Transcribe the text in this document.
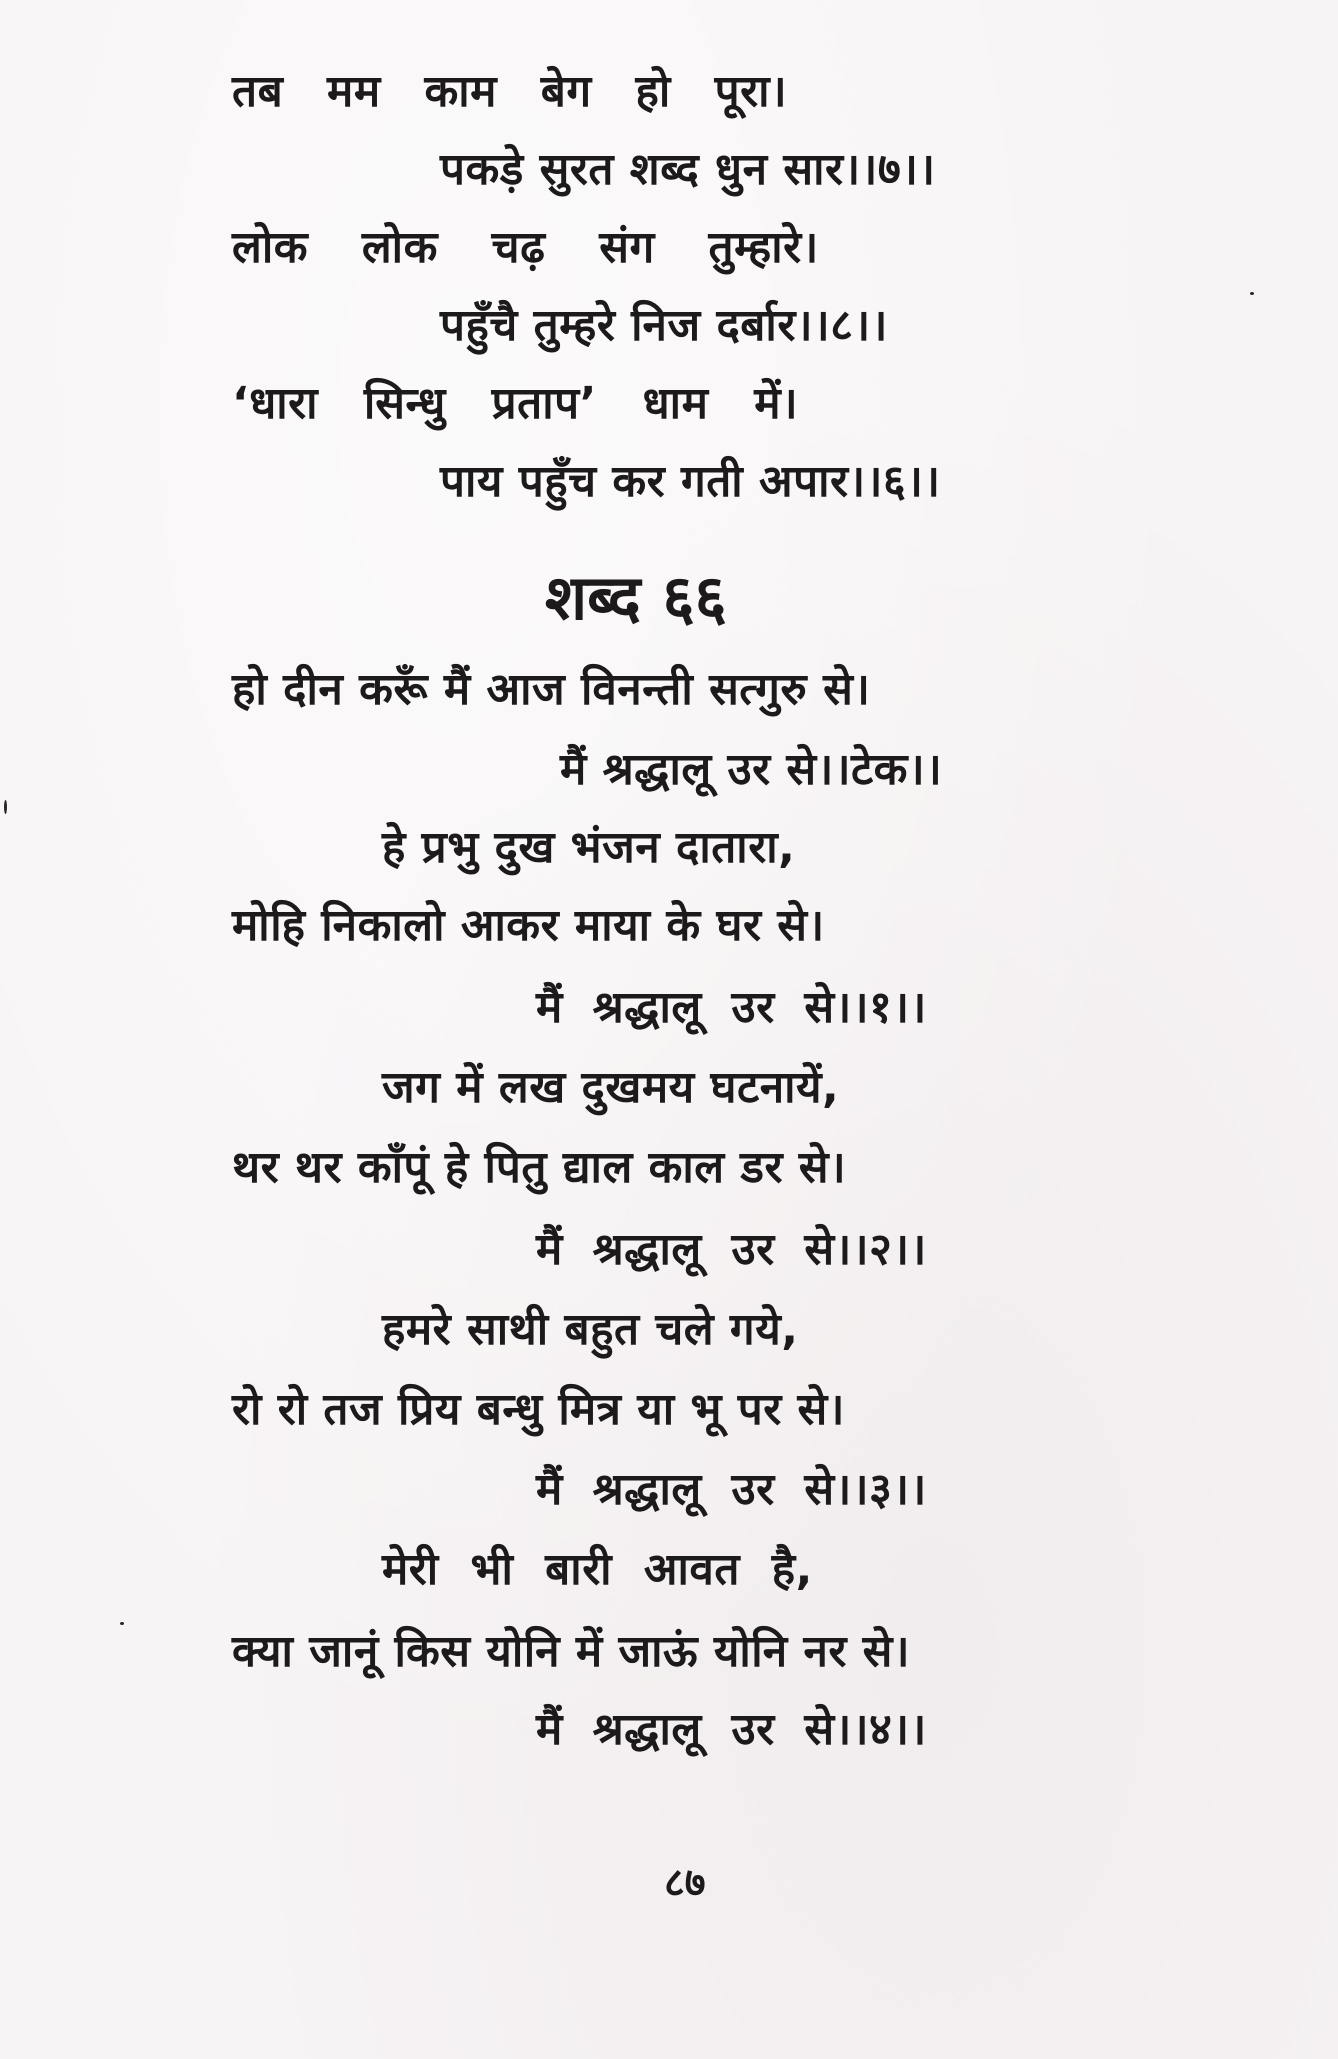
तब मम काम बेग हो पूरा।
पकड़े सुरत शब्द धुन सार।।७।।
लोक लोक चढ़ संग तुम्हारे।
पहुँचै तुम्हरे निज दर्बार।।८।।
‘धारा सिन्धु प्रताप’ धाम में।
पाय पहुँच कर गती अपार।।६।।
शब्द ६६
हो दीन करूँ मैं आज विनन्ती सत्गुरु से।
मैं श्रद्धालू उर से।।टेक।।
हे प्रभु दुख भंजन दातारा,
मोहि निकालो आकर माया के घर से।
मैं श्रद्धालू उर से।।१।।
जग में लख दुखमय घटनायें,
थर थर काँपूं हे पितु द्याल काल डर से।
मैं श्रद्धालू उर से।।२।।
हमरे साथी बहुत चले गये,
रो रो तज प्रिय बन्धु मित्र या भू पर से।
मैं श्रद्धालू उर से।।३।।
मेरी भी बारी आवत है,
क्या जानूं किस योनि में जाऊं योनि नर से।
मैं श्रद्धालू उर से।।४।।
८७
